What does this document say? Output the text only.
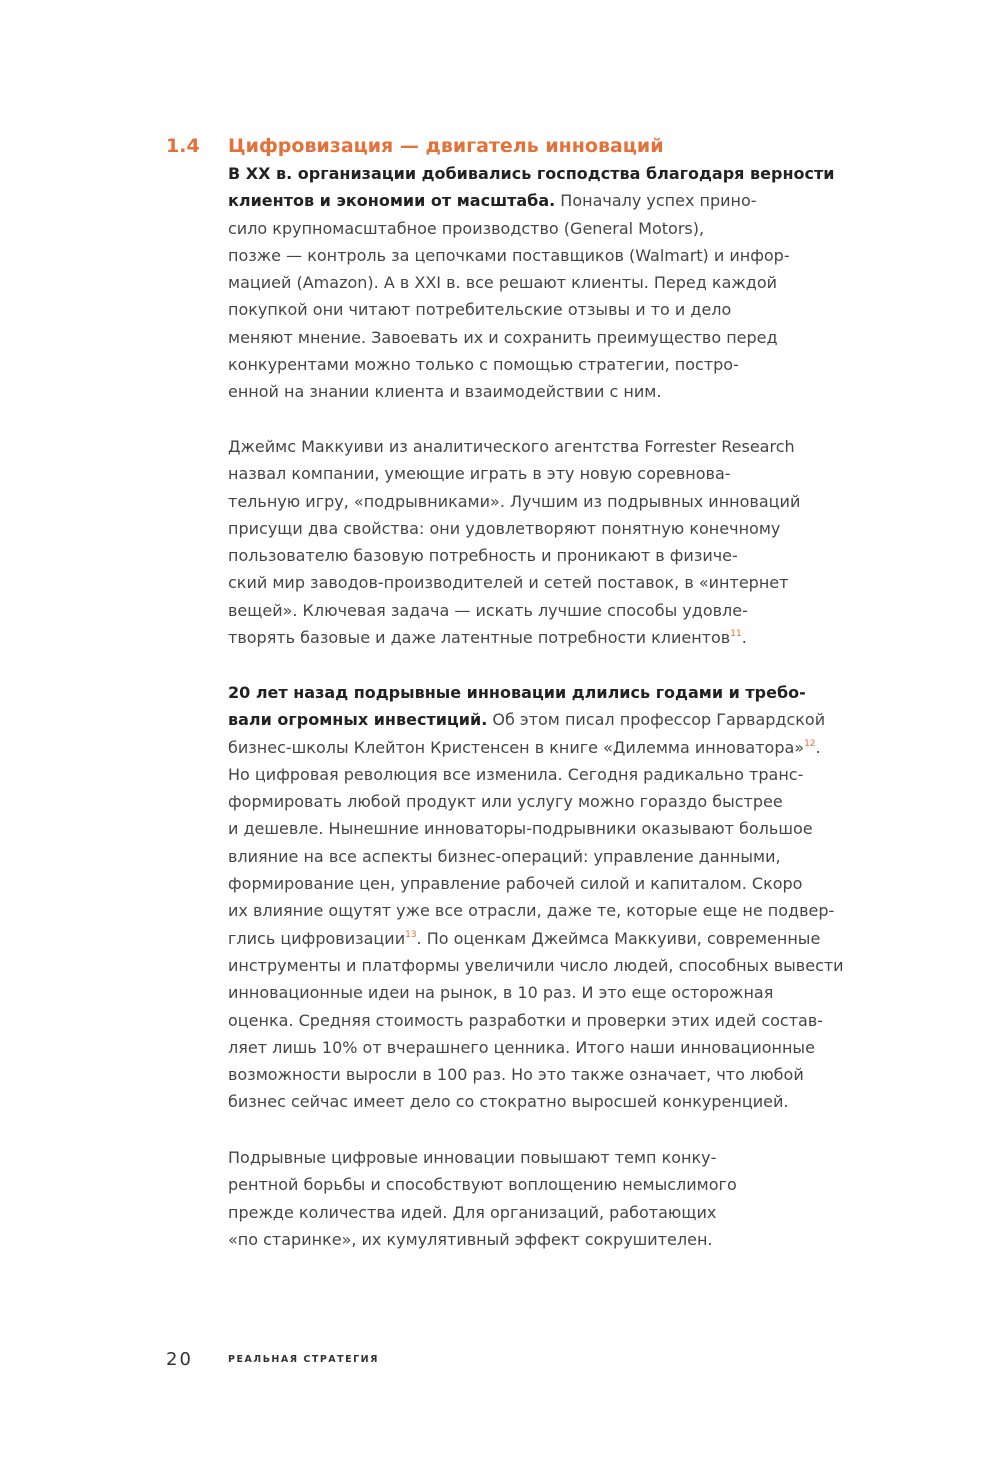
1.4 Цифровизация — двигатель инноваций
В XX в. организации добивались господства благодаря верности
клиентов и экономии от масштаба. Поначалу успех прино-
сило крупномасштабное производство (General Motors),
позже — контроль за цепочками поставщиков (Walmart) и инфор-
мацией (Amazon). А в XXI в. все решают клиенты. Перед каждой
покупкой они читают потребительские отзывы и то и дело
меняют мнение. Завоевать их и сохранить преимущество перед
конкурентами можно только с помощью стратегии, постро-
енной на знании клиента и взаимодействии с ним.
Джеймс Маккуиви из аналитического агентства Forrester Research
назвал компании, умеющие играть в эту новую соревнова-
тельную игру, «подрывниками». Лучшим из подрывных инноваций
присущи два свойства: они удовлетворяют понятную конечному
пользователю базовую потребность и проникают в физиче-
ский мир заводов-производителей и сетей поставок, в «интернет
вещей». Ключевая задача — искать лучшие способы удовле-
творять базовые и даже латентные потребности клиентов$^{11}$.
20 лет назад подрывные инновации длились годами и требо-
вали огромных инвестиций. Об этом писал профессор Гарвардской
бизнес-школы Клейтон Кристенсен в книге «Дилемма инноватора»$^{12}$.
Но цифровая революция все изменила. Сегодня радикально транс-
формировать любой продукт или услугу можно гораздо быстрее
и дешевле. Нынешние инноваторы-подрывники оказывают большое
влияние на все аспекты бизнес-операций: управление данными,
формирование цен, управление рабочей силой и капиталом. Скоро
их влияние ощутят уже все отрасли, даже те, которые еще не подвер-
глись цифровизации$^{13}$. По оценкам Джеймса Маккуиви, современные
инструменты и платформы увеличили число людей, способных вывести
инновационные идеи на рынок, в 10 раз. И это еще осторожная
оценка. Средняя стоимость разработки и проверки этих идей состав-
ляет лишь 10% от вчерашнего ценника. Итого наши инновационные
возможности выросли в 100 раз. Но это также означает, что любой
бизнес сейчас имеет дело со стократно выросшей конкуренцией.
Подрывные цифровые инновации повышают темп конку-
рентной борьбы и способствуют воплощению немыслимого
прежде количества идей. Для организаций, работающих
«по старинке», их кумулятивный эффект сокрушителен.
20	РЕАЛЬНАЯ СТРАТЕГИЯ
